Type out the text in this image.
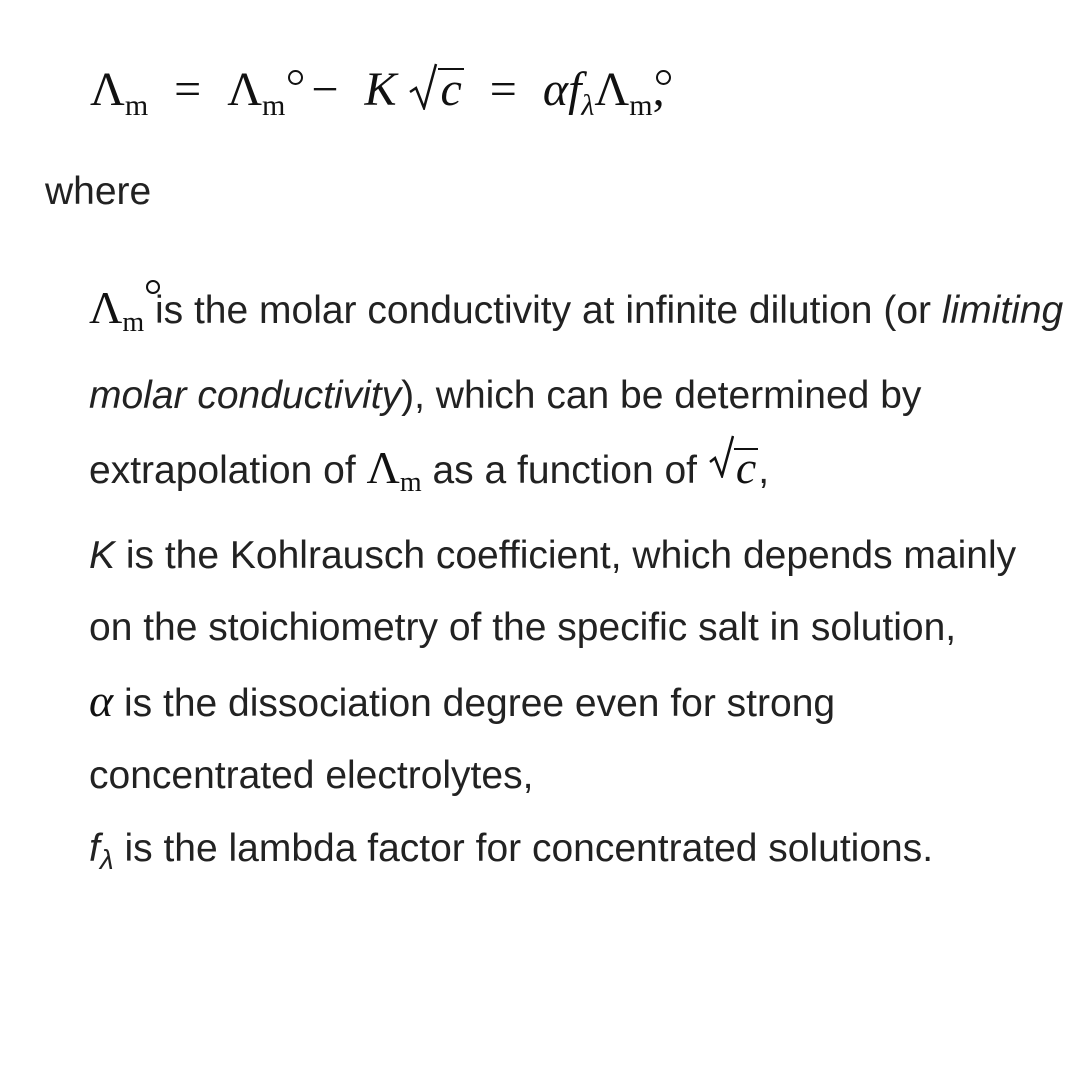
$\Lambda_m = \Lambda$
$_m$ − K $c = \alpha f_\lambda\Lambda$
$_m$,
where
Λ
$_m$ is the molar conductivity at infinite dilution (or limiting molar conductivity), which can be determined by extrapolation of $\Lambda_m$ as a function of
c,
K is the Kohlrausch coefficient, which depends mainly on the stoichiometry of the specific salt in solution,
α is the dissociation degree even for strong concentrated electrolytes,
$f_\lambda$ is the lambda factor for concentrated solutions.
